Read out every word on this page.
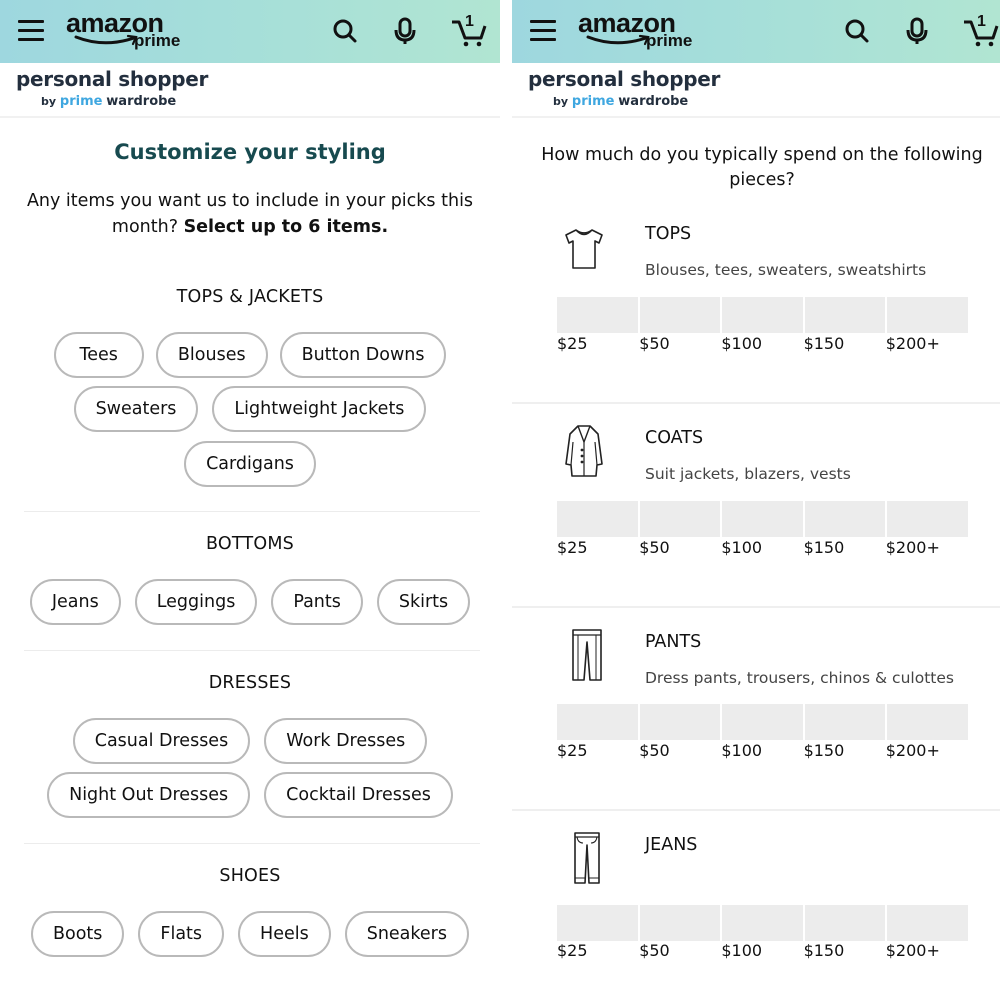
amazon
prime
1
personal shopper
by prime wardrobe
Customize your styling
Any items you want us to include in your picks this month? Select up to 6 items.
TOPS & JACKETS
Tees	Blouses	Button Downs
Sweaters	Lightweight Jackets
Cardigans
BOTTOMS
Jeans	Leggings	Pants	Skirts
DRESSES
Casual Dresses	Work Dresses
Night Out Dresses	Cocktail Dresses
SHOES
Boots	Flats	Heels	Sneakers
amazon
prime
1
personal shopper
by prime wardrobe
How much do you typically spend on the following pieces?
TOPS
Blouses, tees, sweaters, sweatshirts
$25	$50	$100	$150	$200+
COATS
Suit jackets, blazers, vests
$25	$50	$100	$150	$200+
PANTS
Dress pants, trousers, chinos & culottes
$25	$50	$100	$150	$200+
JEANS
$25	$50	$100	$150	$200+
